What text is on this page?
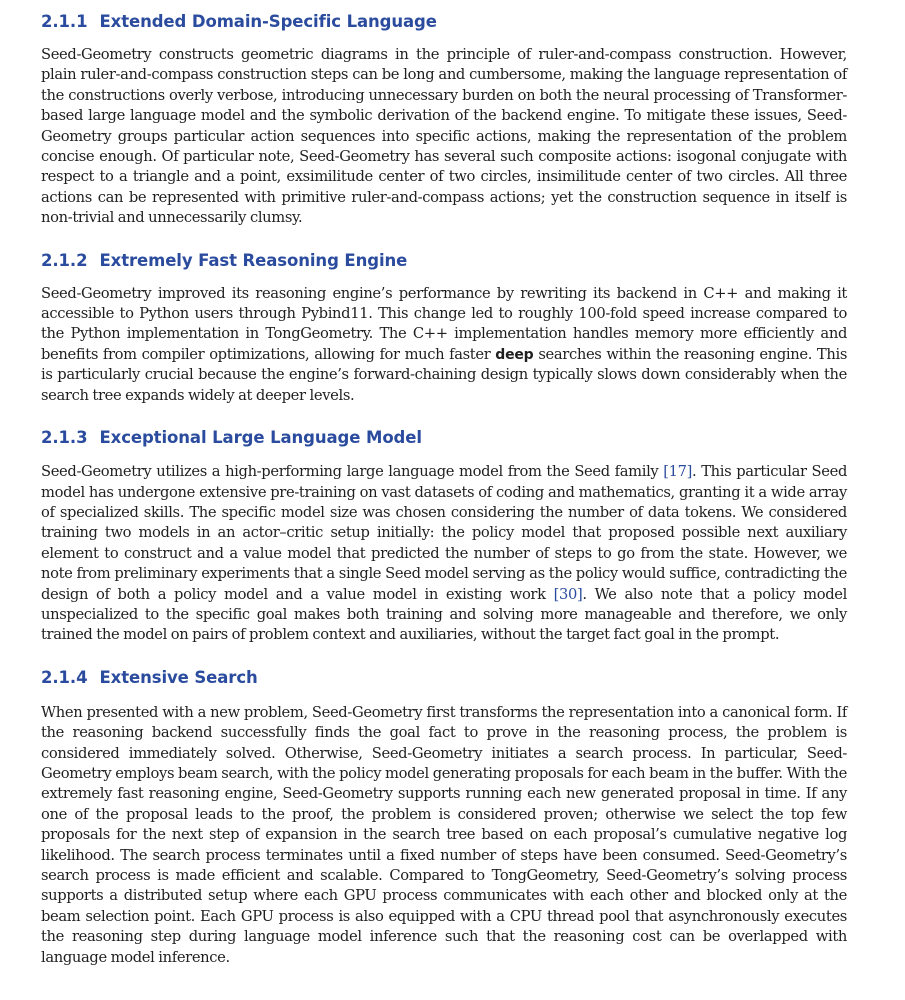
2.1.1 Extended Domain-Specific Language

Seed-Geometry constructs geometric diagrams in the principle of ruler-and-compass construction. However, plain ruler-and-compass construction steps can be long and cumbersome, making the language representation of the constructions overly verbose, introducing unnecessary burden on both the neural processing of Transformer-based large language model and the symbolic derivation of the backend engine. To mitigate these issues, Seed-Geometry groups particular action sequences into specific actions, making the representation of the problem concise enough. Of particular note, Seed-Geometry has several such composite actions: isogonal conjugate with respect to a triangle and a point, exsimilitude center of two circles, insimilitude center of two circles. All three actions can be represented with primitive ruler-and-compass actions; yet the construction sequence in itself is non-trivial and unnecessarily clumsy.

2.1.2 Extremely Fast Reasoning Engine

Seed-Geometry improved its reasoning engine’s performance by rewriting its backend in C++ and making it accessible to Python users through Pybind11. This change led to roughly 100-fold speed increase compared to the Python implementation in TongGeometry. The C++ implementation handles memory more efficiently and benefits from compiler optimizations, allowing for much faster deep searches within the reasoning engine. This is particularly crucial because the engine’s forward-chaining design typically slows down considerably when the search tree expands widely at deeper levels.

2.1.3 Exceptional Large Language Model

Seed-Geometry utilizes a high-performing large language model from the Seed family [17]. This particular Seed model has undergone extensive pre-training on vast datasets of coding and mathematics, granting it a wide array of specialized skills. The specific model size was chosen considering the number of data tokens. We considered training two models in an actor–critic setup initially: the policy model that proposed possible next auxiliary element to construct and a value model that predicted the number of steps to go from the state. However, we note from preliminary experiments that a single Seed model serving as the policy would suffice, contradicting the design of both a policy model and a value model in existing work [30]. We also note that a policy model unspecialized to the specific goal makes both training and solving more manageable and therefore, we only trained the model on pairs of problem context and auxiliaries, without the target fact goal in the prompt.

2.1.4 Extensive Search

When presented with a new problem, Seed-Geometry first transforms the representation into a canonical form. If the reasoning backend successfully finds the goal fact to prove in the reasoning process, the problem is considered immediately solved. Otherwise, Seed-Geometry initiates a search process. In particular, Seed-Geometry employs beam search, with the policy model generating proposals for each beam in the buffer. With the extremely fast reasoning engine, Seed-Geometry supports running each new generated proposal in time. If any one of the proposal leads to the proof, the problem is considered proven; otherwise we select the top few proposals for the next step of expansion in the search tree based on each proposal’s cumulative negative log likelihood. The search process terminates until a fixed number of steps have been consumed. Seed-Geometry’s search process is made efficient and scalable. Compared to TongGeometry, Seed-Geometry’s solving process supports a distributed setup where each GPU process communicates with each other and blocked only at the beam selection point. Each GPU process is also equipped with a CPU thread pool that asynchronously executes the reasoning step during language model inference such that the reasoning cost can be overlapped with language model inference.
